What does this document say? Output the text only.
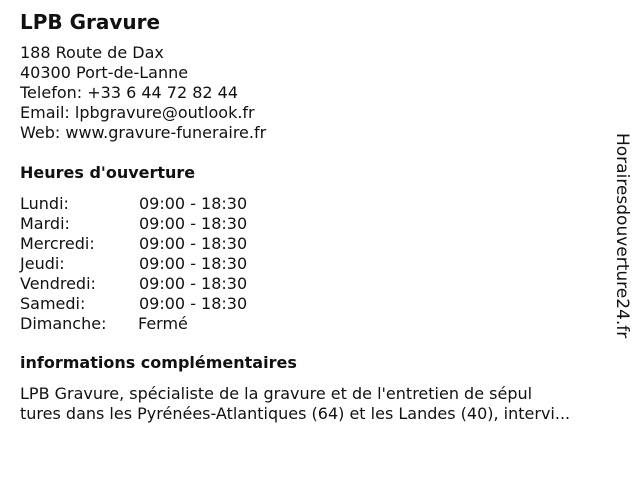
LPB Gravure
188 Route de Dax
40300 Port-de-Lanne
Telefon: +33 6 44 72 82 44
Email: lpbgravure@outlook.fr
Web: www.gravure-funeraire.fr
Heures d'ouverture
Lundi:	09:00 - 18:30
Mardi:	09:00 - 18:30
Mercredi:	09:00 - 18:30
Jeudi:	09:00 - 18:30
Vendredi:	09:00 - 18:30
Samedi:	09:00 - 18:30
Dimanche: Fermé
informations complémentaires
LPB Gravure, spécialiste de la gravure et de l'entretien de sépul
tures dans les Pyrénées-Atlantiques (64) et les Landes (40), intervi...
Horairesdouverture24.fr
